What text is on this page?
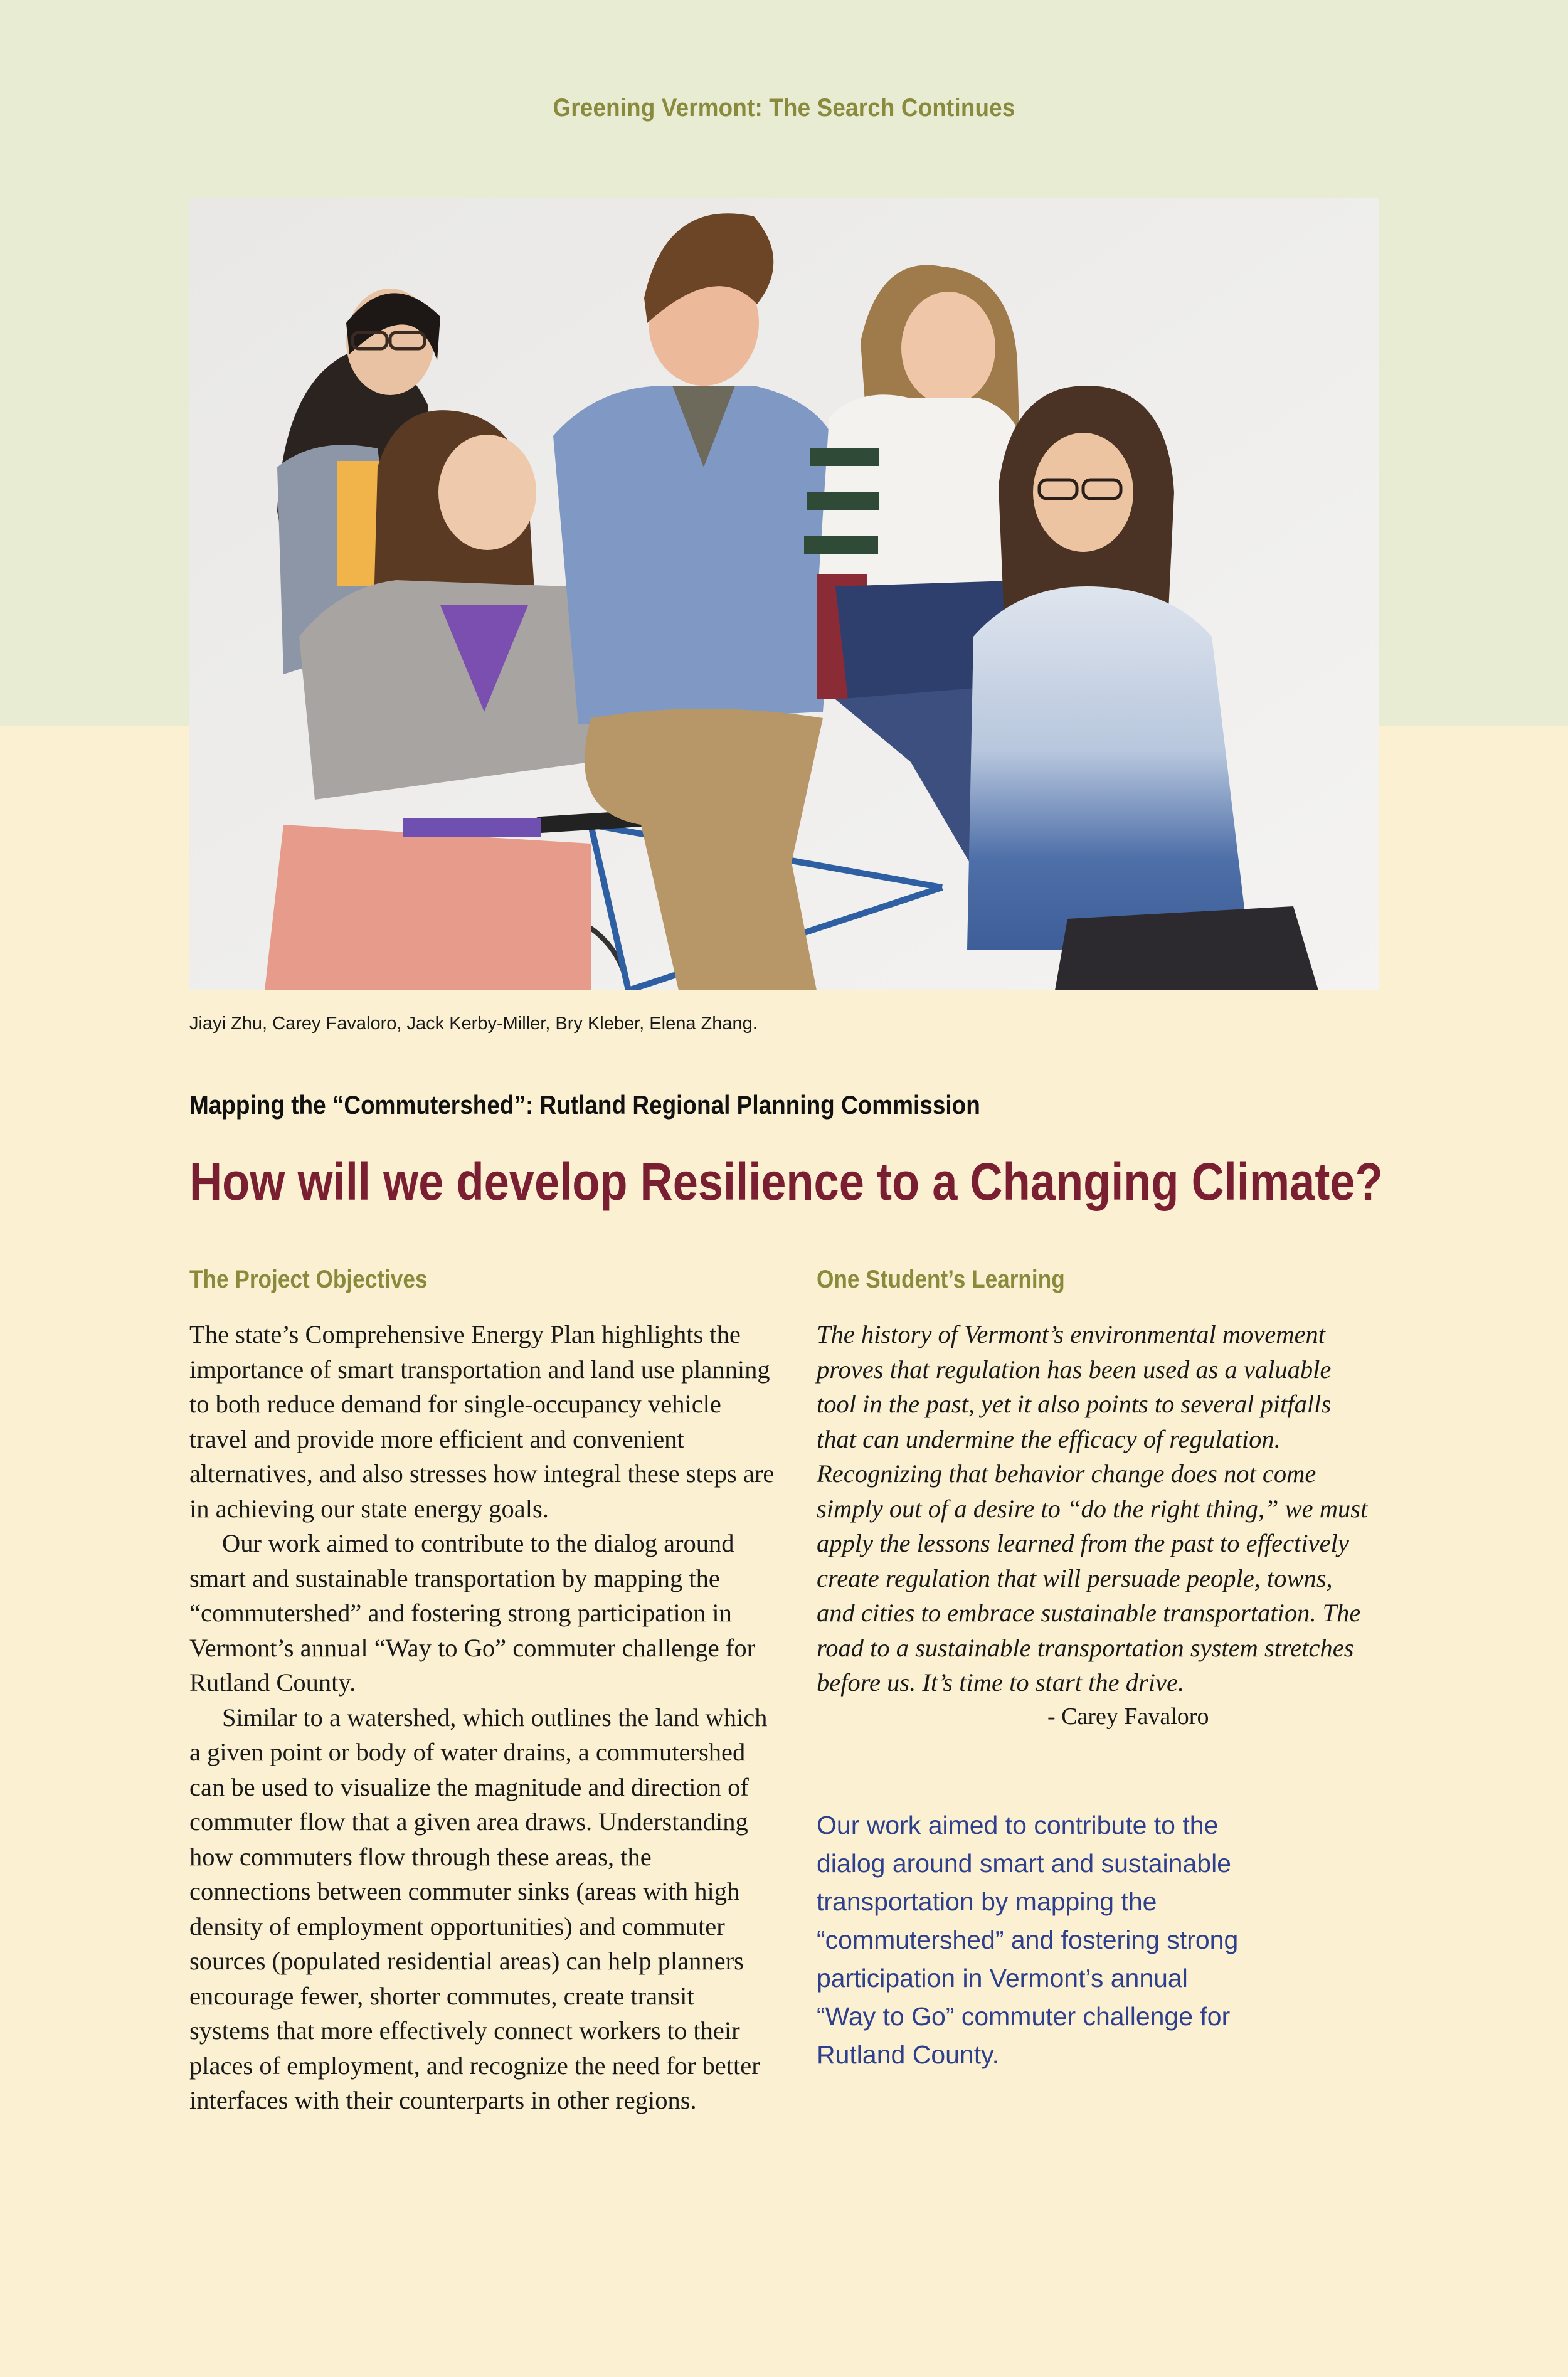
Greening Vermont: The Search Continues
Jiayi Zhu, Carey Favaloro, Jack Kerby-Miller, Bry Kleber, Elena Zhang.
Mapping the “Commutershed”: Rutland Regional Planning Commission
How will we develop Resilience to a Changing Climate?
The Project Objectives	One Student’s Learning

The state’s Comprehensive Energy Plan highlights the importance of smart transportation and land use planning to both reduce demand for single-occupancy vehicle travel and provide more efficient and convenient alternatives, and also stresses how integral these steps are in achieving our state energy goals.

Our work aimed to contribute to the dialog around smart and sustainable transportation by mapping the “commutershed” and fostering strong participation in Vermont’s annual “Way to Go” commuter challenge for Rutland County.

Similar to a watershed, which outlines the land which a given point or body of water drains, a commutershed can be used to visualize the magnitude and direction of commuter flow that a given area draws. Understanding how commuters flow through these areas, the connections between commuter sinks (areas with high density of employment opportunities) and commuter sources (populated residential areas) can help planners encourage fewer, shorter commutes, create transit systems that more effectively connect workers to their places of employment, and recognize the need for better interfaces with their counterparts in other regions.

The history of Vermont’s environmental movement proves that regulation has been used as a valuable tool in the past, yet it also points to several pitfalls that can undermine the efficacy of regulation. Recognizing that behavior change does not come simply out of a desire to “do the right thing,” we must apply the lessons learned from the past to effectively create regulation that will persuade people, towns, and cities to embrace sustainable transportation. The road to a sustainable transportation system stretches before us. It’s time to start the drive.

- Carey Favaloro

Our work aimed to contribute to the dialog around smart and sustainable transportation by mapping the “commutershed” and fostering strong participation in Vermont’s annual “Way to Go” commuter challenge for Rutland County.
